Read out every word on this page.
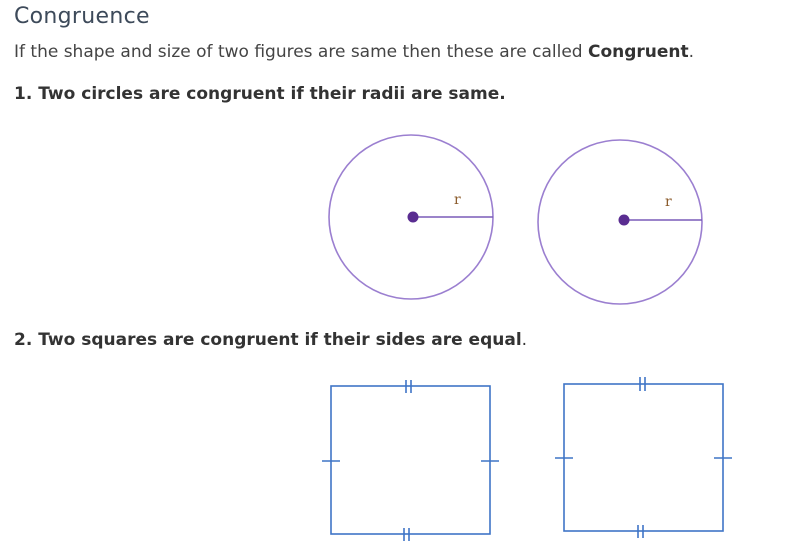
Congruence

If the shape and size of two figures are same then these are called Congruent.

1. Two circles are congruent if their radii are same.

r	r

2. Two squares are congruent if their sides are equal.
